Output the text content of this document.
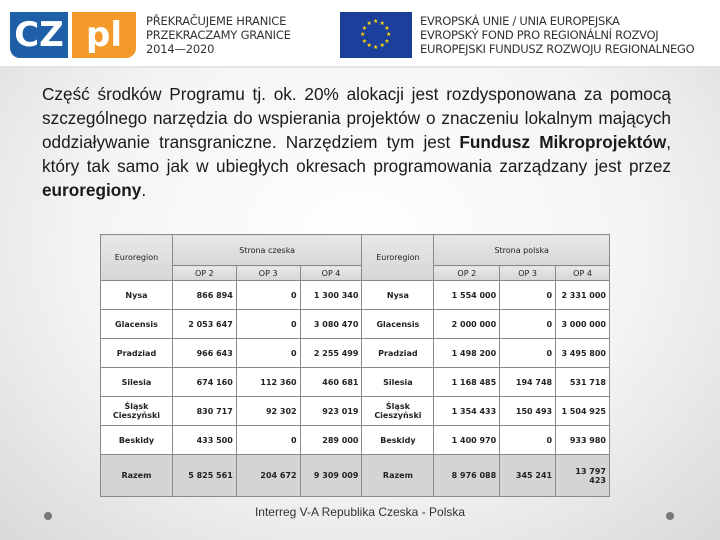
CZ pl	PŘEKRAČUJEME HRANICE
PRZEKRACZAMY GRANICE
2014—2020
★ ★
★
★
★
★
★
★
★
★
★
★	EVROPSKÁ UNIE / UNIA EUROPEJSKA
EVROPSKÝ FOND PRO REGIONÁLNÍ ROZVOJ
EUROPEJSKI FUNDUSZ ROZWOJU REGIONALNEGO
Część środków Programu tj. ok. 20% alokacji jest rozdysponowana za pomocą szczególnego narzędzia do wspierania projektów o znaczeniu lokalnym mających oddziaływanie transgraniczne. Narzędziem tym jest Fundusz Mikroprojektów, który tak samo jak w ubiegłych okresach programowania zarządzany jest przez euroregiony.
Euroregion	Strona czeska			Euroregion	Strona polska		
	OP 2	OP 3	OP 4		OP 2	OP 3	OP 4
Nysa	866 894	0	1 300 340	Nysa	1 554 000	0	2 331 000
Glacensis	2 053 647	0	3 080 470	Glacensis	2 000 000	0	3 000 000
Pradziad	966 643	0	2 255 499	Pradziad	1 498 200	0	3 495 800
Silesia	674 160	112 360	460 681	Silesia	1 168 485	194 748	531 718
Śląsk Cieszyński	830 717	92 302	923 019	Śląsk Cieszyński	1 354 433	150 493	1 504 925
Beskidy	433 500	0	289 000	Beskidy	1 400 970	0	933 980
Razem	5 825 561	204 672	9 309 009	Razem	8 976 088	345 241	13 797 423
Interreg V-A Republika Czeska - Polska
